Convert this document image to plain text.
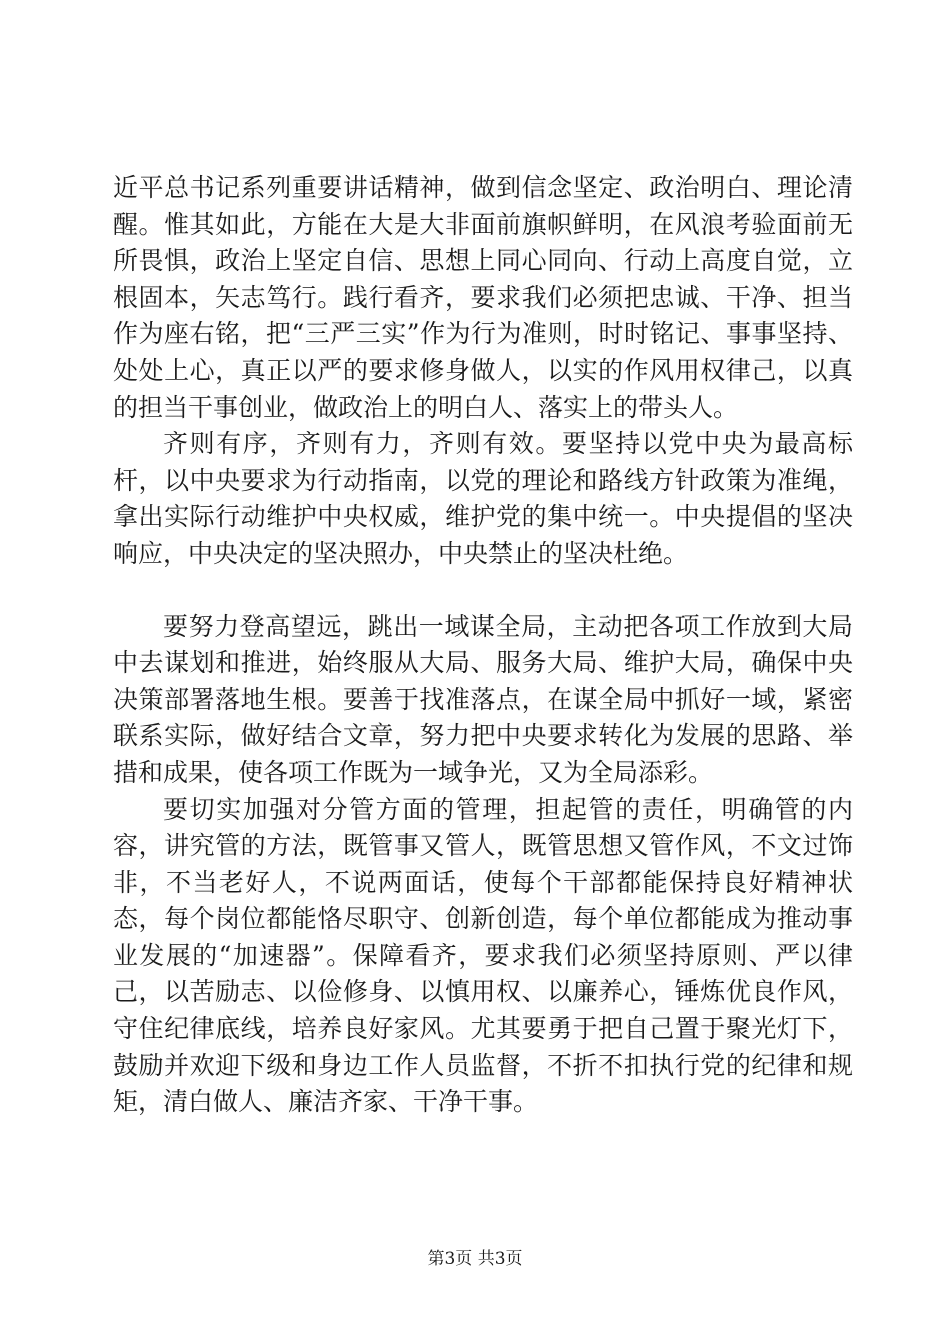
近平总书记系列重要讲话精神，做到信念坚定、政治明白、理论清醒。惟其如此，方能在大是大非面前旗帜鲜明，在风浪考验面前无所畏惧，政治上坚定自信、思想上同心同向、行动上高度自觉，立根固本，矢志笃行。践行看齐，要求我们必须把忠诚、干净、担当作为座右铭，把“三严三实”作为行为准则，时时铭记、事事坚持、处处上心，真正以严的要求修身做人，以实的作风用权律己，以真的担当干事创业，做政治上的明白人、落实上的带头人。

齐则有序，齐则有力，齐则有效。要坚持以党中央为最高标杆，以中央要求为行动指南，以党的理论和路线方针政策为准绳，拿出实际行动维护中央权威，维护党的集中统一。中央提倡的坚决响应，中央决定的坚决照办，中央禁止的坚决杜绝。

要努力登高望远，跳出一域谋全局，主动把各项工作放到大局中去谋划和推进，始终服从大局、服务大局、维护大局，确保中央决策部署落地生根。要善于找准落点，在谋全局中抓好一域，紧密联系实际，做好结合文章，努力把中央要求转化为发展的思路、举措和成果，使各项工作既为一域争光，又为全局添彩。

要切实加强对分管方面的管理，担起管的责任，明确管的内容，讲究管的方法，既管事又管人，既管思想又管作风，不文过饰非，不当老好人，不说两面话，使每个干部都能保持良好精神状态，每个岗位都能恪尽职守、创新创造，每个单位都能成为推动事业发展的“加速器”。保障看齐，要求我们必须坚持原则、严以律己，以苦励志、以俭修身、以慎用权、以廉养心，锤炼优良作风，守住纪律底线，培养良好家风。尤其要勇于把自己置于聚光灯下，鼓励并欢迎下级和身边工作人员监督，不折不扣执行党的纪律和规矩，清白做人、廉洁齐家、干净干事。

第3页 共3页
